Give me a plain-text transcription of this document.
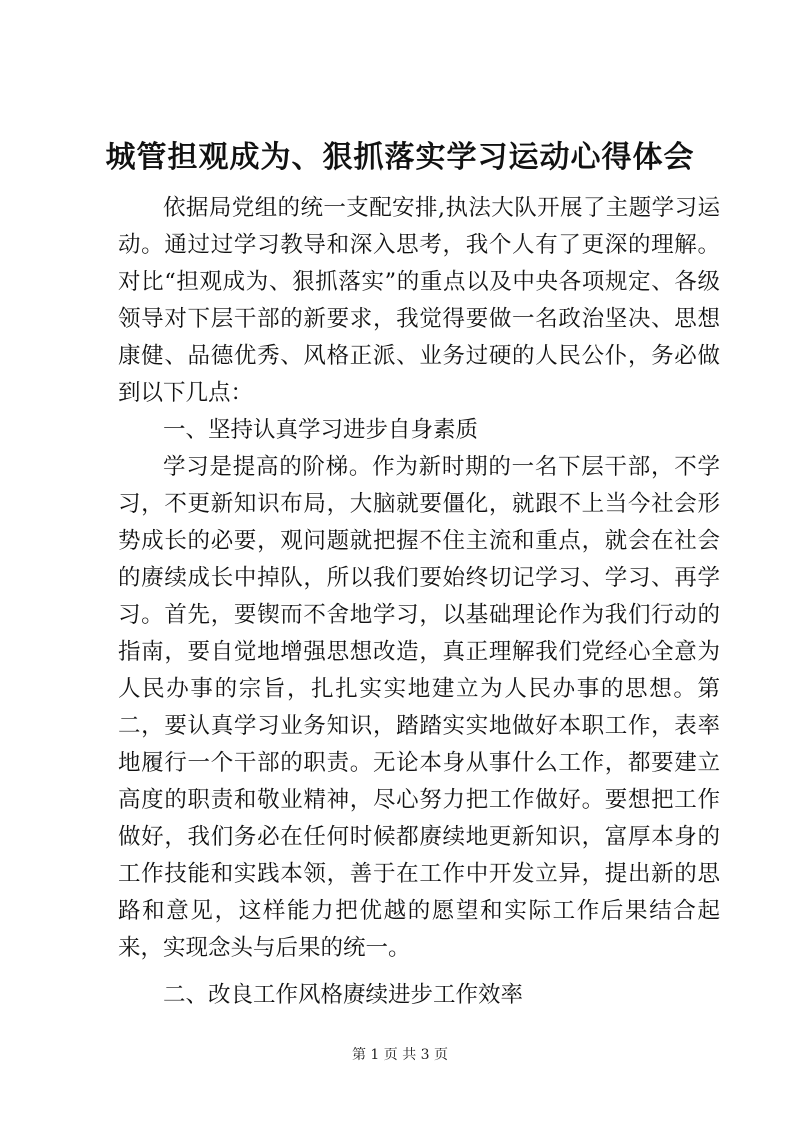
城管担观成为、狠抓落实学习运动心得体会

依据局党组的统一支配安排,执法大队开展了主题学习运动。通过过学习教导和深入思考，我个人有了更深的理解。对比“担观成为、狠抓落实”的重点以及中央各项规定、各级领导对下层干部的新要求，我觉得要做一名政治坚决、思想康健、品德优秀、风格正派、业务过硬的人民公仆，务必做到以下几点：

一、坚持认真学习进步自身素质

学习是提高的阶梯。作为新时期的一名下层干部，不学习，不更新知识布局，大脑就要僵化，就跟不上当今社会形势成长的必要，观问题就把握不住主流和重点，就会在社会的赓续成长中掉队，所以我们要始终切记学习、学习、再学习。首先，要锲而不舍地学习，以基础理论作为我们行动的指南，要自觉地增强思想改造，真正理解我们党经心全意为人民办事的宗旨，扎扎实实地建立为人民办事的思想。第二，要认真学习业务知识，踏踏实实地做好本职工作，表率地履行一个干部的职责。无论本身从事什么工作，都要建立高度的职责和敬业精神，尽心努力把工作做好。要想把工作做好，我们务必在任何时候都赓续地更新知识，富厚本身的工作技能和实践本领，善于在工作中开发立异，提出新的思路和意见，这样能力把优越的愿望和实际工作后果结合起来，实现念头与后果的统一。

二、改良工作风格赓续进步工作效率

第 1 页 共 3 页
